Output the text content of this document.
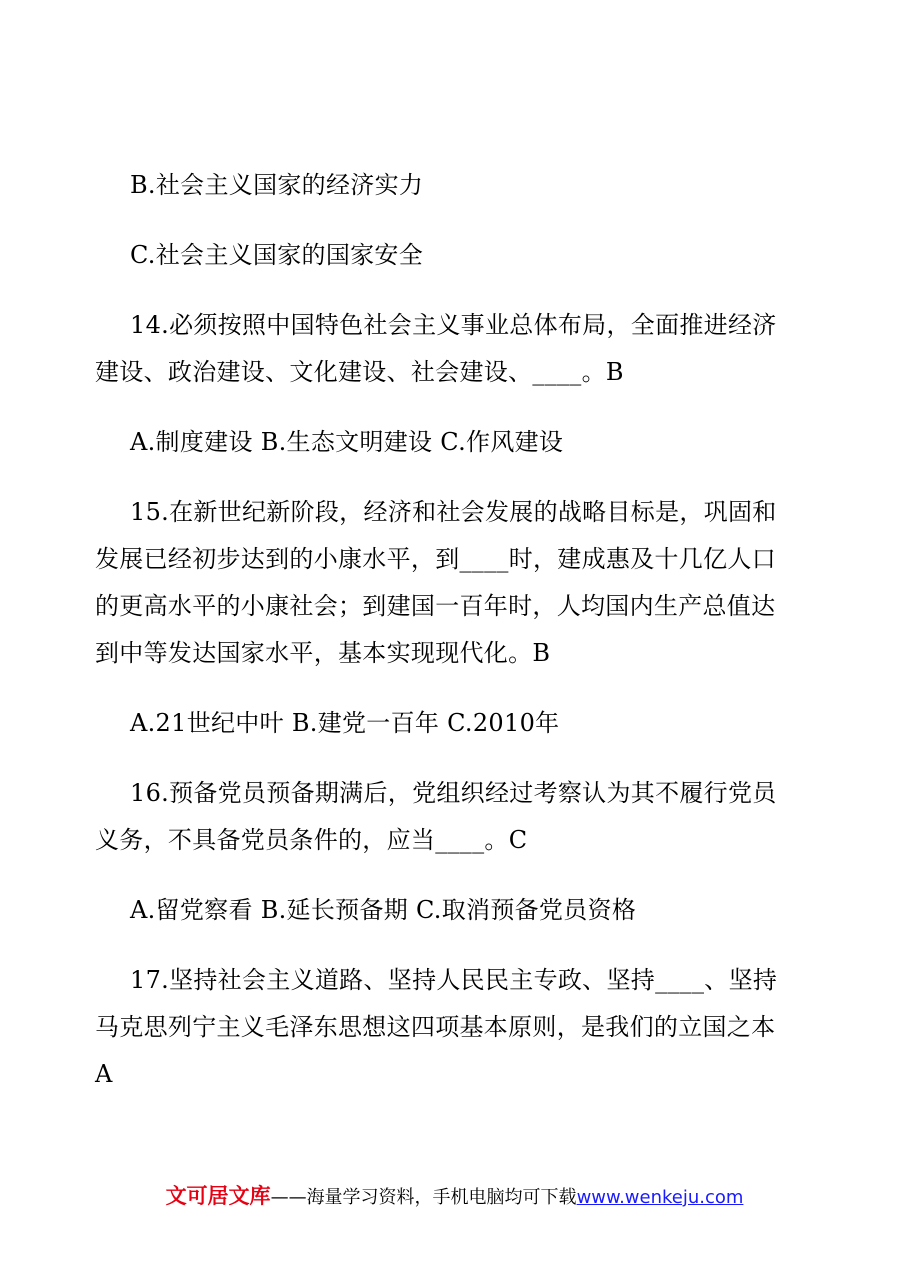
B.社会主义国家的经济实力
C.社会主义国家的国家安全
14.必须按照中国特色社会主义事业总体布局，全面推进经济
建设、政治建设、文化建设、社会建设、____。B
A.制度建设 B.生态文明建设 C.作风建设
15.在新世纪新阶段，经济和社会发展的战略目标是，巩固和
发展已经初步达到的小康水平，到____时，建成惠及十几亿人口
的更高水平的小康社会；到建国一百年时，人均国内生产总值达
到中等发达国家水平，基本实现现代化。B
A.21世纪中叶 B.建党一百年 C.2010年
16.预备党员预备期满后，党组织经过考察认为其不履行党员
义务，不具备党员条件的，应当____。C
A.留党察看 B.延长预备期 C.取消预备党员资格
17.坚持社会主义道路、坚持人民民主专政、坚持____、坚持
马克思列宁主义毛泽东思想这四项基本原则，是我们的立国之本
A
文可居文库——海量学习资料，手机电脑均可下载www.wenkeju.com
